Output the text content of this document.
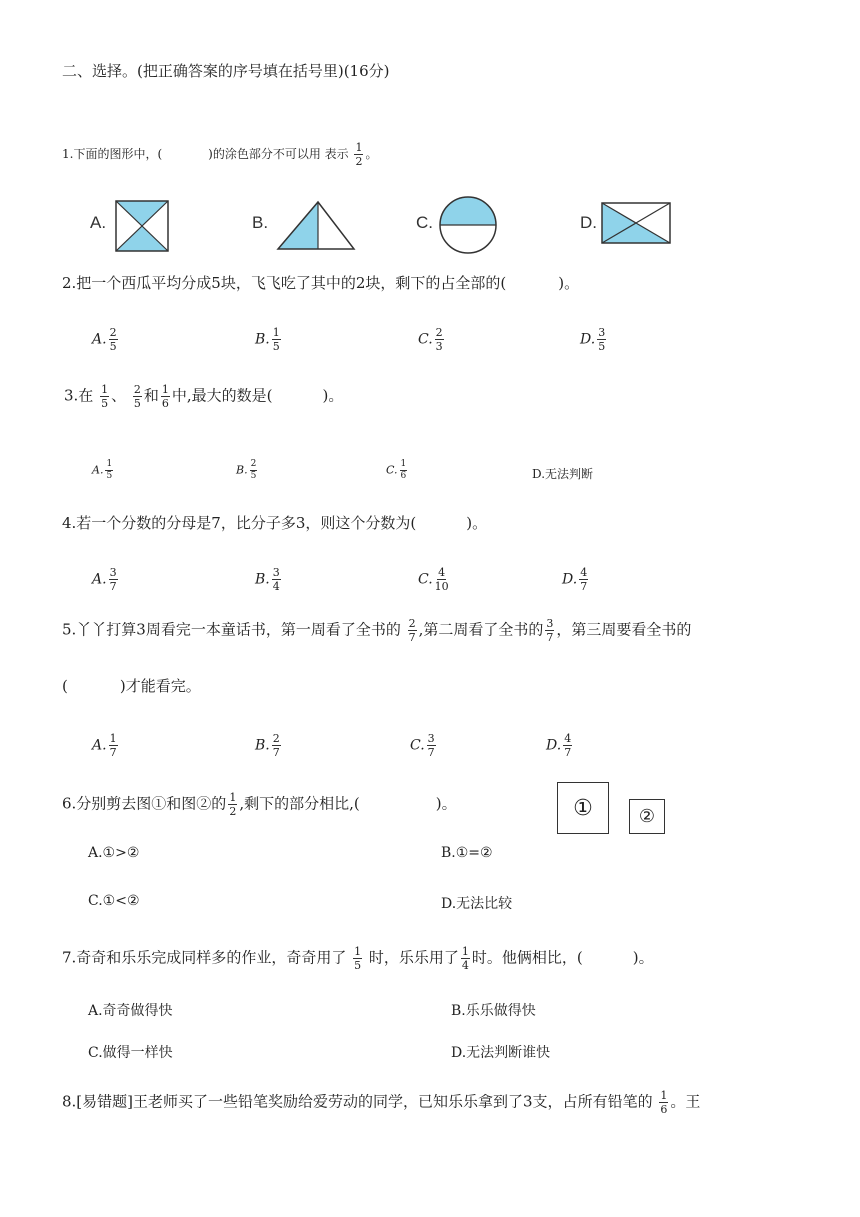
二、选择。(把正确答案的序号填在括号里)(16分)
1.下面的图形中，(	)的涂色部分不可以用 表示 $\frac{1}{2}$ 。
A.	B.	C.	D.
2.把一个西瓜平均分成5块，飞飞吃了其中的2块，剩下的占全部的(	)。
A. $\frac{2}{5}$	B. $\frac{1}{5}$	C. $\frac{2}{3}$	D. $\frac{3}{5}$
3.在 $\frac{1}{5}$ 、 $\frac{2}{5}$ 和 $\frac{1}{6}$ 中,最大的数是(	)。
A. $\frac{1}{5}$	B. $\frac{2}{5}$	C. $\frac{1}{6}$	D.无法判断
4.若一个分数的分母是7，比分子多3，则这个分数为(	)。
A. $\frac{3}{7}$	B. $\frac{3}{4}$	C. $\frac{4}{10}$	D. $\frac{4}{7}$
5.丫丫打算3周看完一本童话书，第一周看了全书的 $\frac{2}{7}$ ,第二周看了全书的 $\frac{3}{7}$ ，第三周要看全书的
(	)才能看完。
A. $\frac{1}{7}$	B. $\frac{2}{7}$	C. $\frac{3}{7}$	D. $\frac{4}{7}$
6.分别剪去图①和图②的 $\frac{1}{2}$ ,剩下的部分相比,(	)。	①	②
A.①>②	B.①=②
C.①<②	D.无法比较
7.奇奇和乐乐完成同样多的作业，奇奇用了 $\frac{1}{5}$ 时，乐乐用了 $\frac{1}{4}$ 时。他俩相比，(	)。
A.奇奇做得快	B.乐乐做得快
C.做得一样快	D.无法判断谁快
8.[易错题]王老师买了一些铅笔奖励给爱劳动的同学，已知乐乐拿到了3支，占所有铅笔的 $\frac{1}{6}$ 。王
